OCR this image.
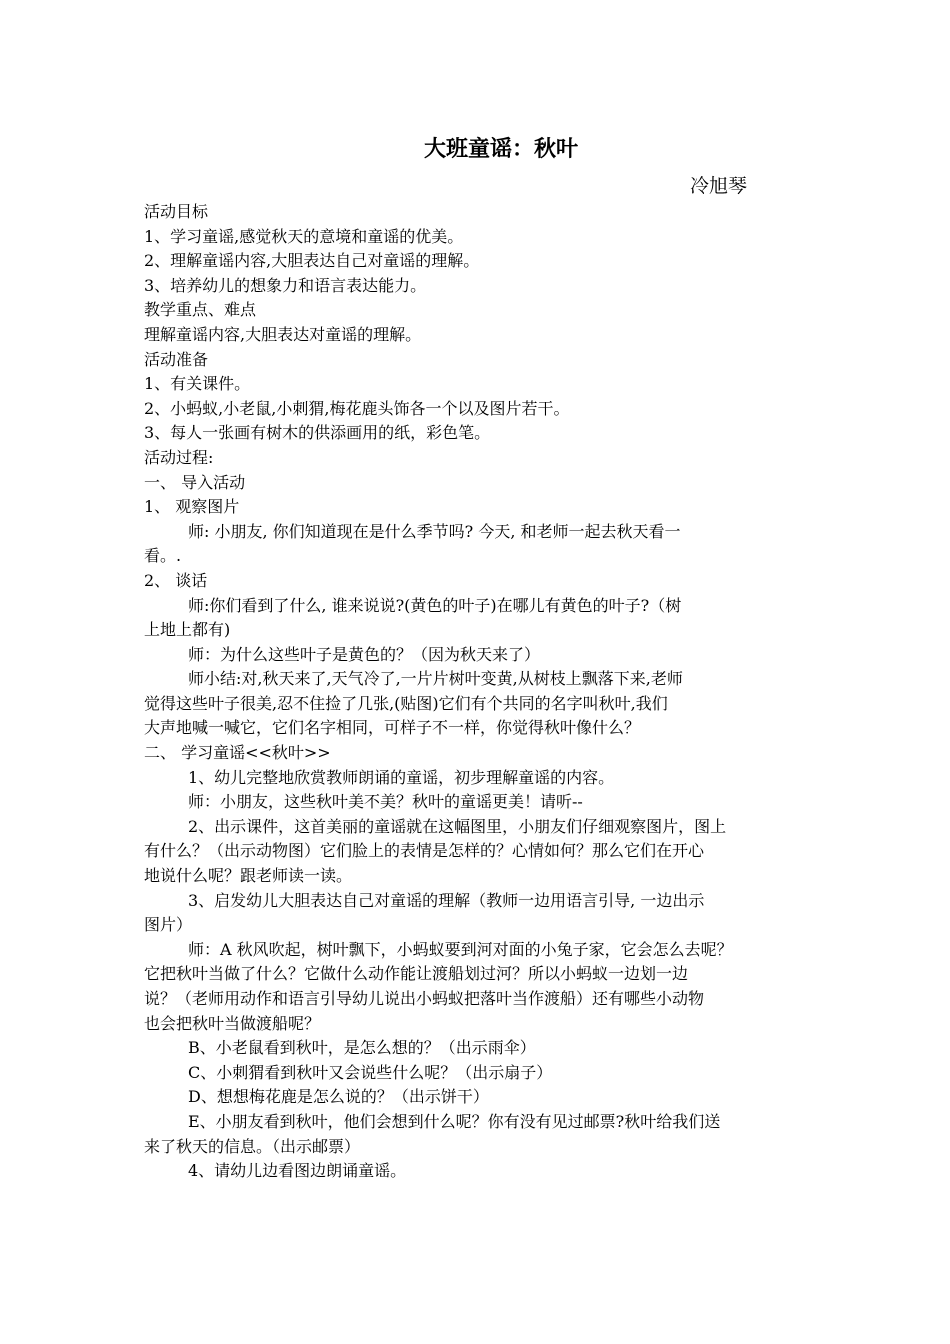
大班童谣：秋叶
冷旭琴
活动目标
1、学习童谣,感觉秋天的意境和童谣的优美。
2、理解童谣内容,大胆表达自己对童谣的理解。
3、培养幼儿的想象力和语言表达能力。
教学重点、难点
理解童谣内容,大胆表达对童谣的理解。
活动准备
1、有关课件。
2、小蚂蚁,小老鼠,小刺猬,梅花鹿头饰各一个以及图片若干。
3、每人一张画有树木的供添画用的纸，彩色笔。
活动过程:
一、 导入活动
1、 观察图片
师: 小朋友, 你们知道现在是什么季节吗? 今天, 和老师一起去秋天看一
看。.
2、 谈话
师:你们看到了什么, 谁来说说?(黄色的叶子)在哪儿有黄色的叶子?（树
上地上都有)
师：为什么这些叶子是黄色的？（因为秋天来了）
师小结:对,秋天来了,天气冷了,一片片树叶变黄,从树枝上飘落下来,老师
觉得这些叶子很美,忍不住捡了几张,(贴图)它们有个共同的名字叫秋叶,我们
大声地喊一喊它，它们名字相同，可样子不一样，你觉得秋叶像什么？
二、 学习童谣<<秋叶>>
1、幼儿完整地欣赏教师朗诵的童谣，初步理解童谣的内容。
师：小朋友，这些秋叶美不美？秋叶的童谣更美！请听--
2、出示课件，这首美丽的童谣就在这幅图里，小朋友们仔细观察图片，图上
有什么？（出示动物图）它们脸上的表情是怎样的？心情如何？那么它们在开心
地说什么呢？跟老师读一读。
3、启发幼儿大胆表达自己对童谣的理解（教师一边用语言引导, 一边出示
图片）
师：A 秋风吹起，树叶飘下，小蚂蚁要到河对面的小兔子家，它会怎么去呢？
它把秋叶当做了什么？它做什么动作能让渡船划过河？所以小蚂蚁一边划一边
说？（老师用动作和语言引导幼儿说出小蚂蚁把落叶当作渡船）还有哪些小动物
也会把秋叶当做渡船呢？
B、小老鼠看到秋叶，是怎么想的？（出示雨伞）
C、小刺猬看到秋叶又会说些什么呢？（出示扇子）
D、想想梅花鹿是怎么说的？（出示饼干）
E、小朋友看到秋叶，他们会想到什么呢？你有没有见过邮票?秋叶给我们送
来了秋天的信息。（出示邮票）
4、请幼儿边看图边朗诵童谣。
